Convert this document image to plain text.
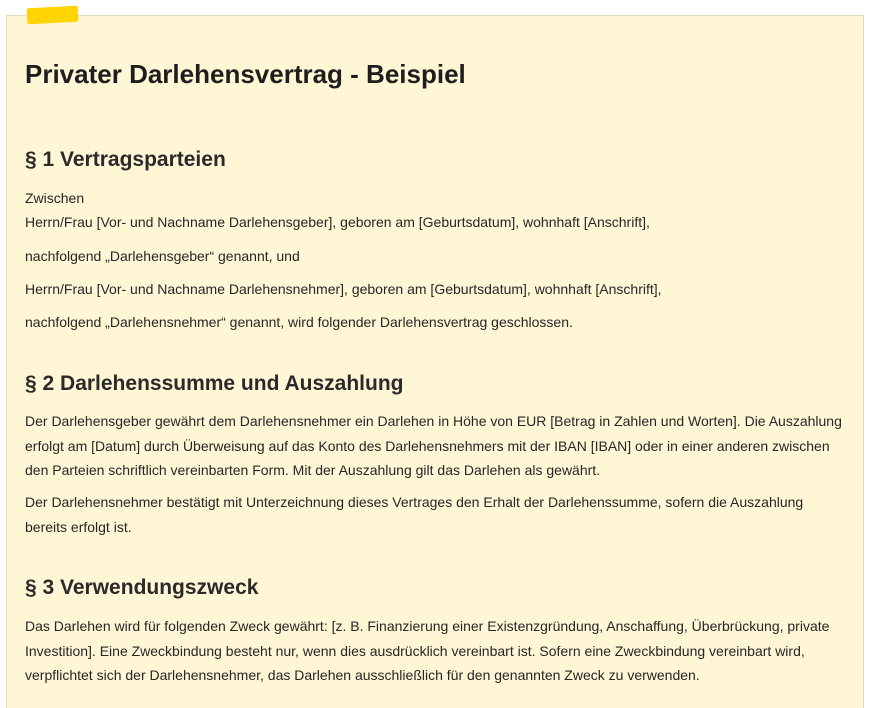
Privater Darlehensvertrag - Beispiel
§ 1 Vertragsparteien

Zwischen

Herrn/Frau [Vor- und Nachname Darlehensgeber], geboren am [Geburtsdatum], wohnhaft [Anschrift],

nachfolgend „Darlehensgeber“ genannt, und

Herrn/Frau [Vor- und Nachname Darlehensnehmer], geboren am [Geburtsdatum], wohnhaft [Anschrift],

nachfolgend „Darlehensnehmer“ genannt, wird folgender Darlehensvertrag geschlossen.

§ 2 Darlehenssumme und Auszahlung

Der Darlehensgeber gewährt dem Darlehensnehmer ein Darlehen in Höhe von EUR [Betrag in Zahlen und Worten]. Die Auszahlung erfolgt am [Datum] durch Überweisung auf das Konto des Darlehensnehmers mit der IBAN [IBAN] oder in einer anderen zwischen den Parteien schriftlich vereinbarten Form. Mit der Auszahlung gilt das Darlehen als gewährt.

Der Darlehensnehmer bestätigt mit Unterzeichnung dieses Vertrages den Erhalt der Darlehenssumme, sofern die Auszahlung bereits erfolgt ist.

§ 3 Verwendungszweck

Das Darlehen wird für folgenden Zweck gewährt: [z. B. Finanzierung einer Existenzgründung, Anschaffung, Überbrückung, private Investition]. Eine Zweckbindung besteht nur, wenn dies ausdrücklich vereinbart ist. Sofern eine Zweckbindung vereinbart wird, verpflichtet sich der Darlehensnehmer, das Darlehen ausschließlich für den genannten Zweck zu verwenden.
